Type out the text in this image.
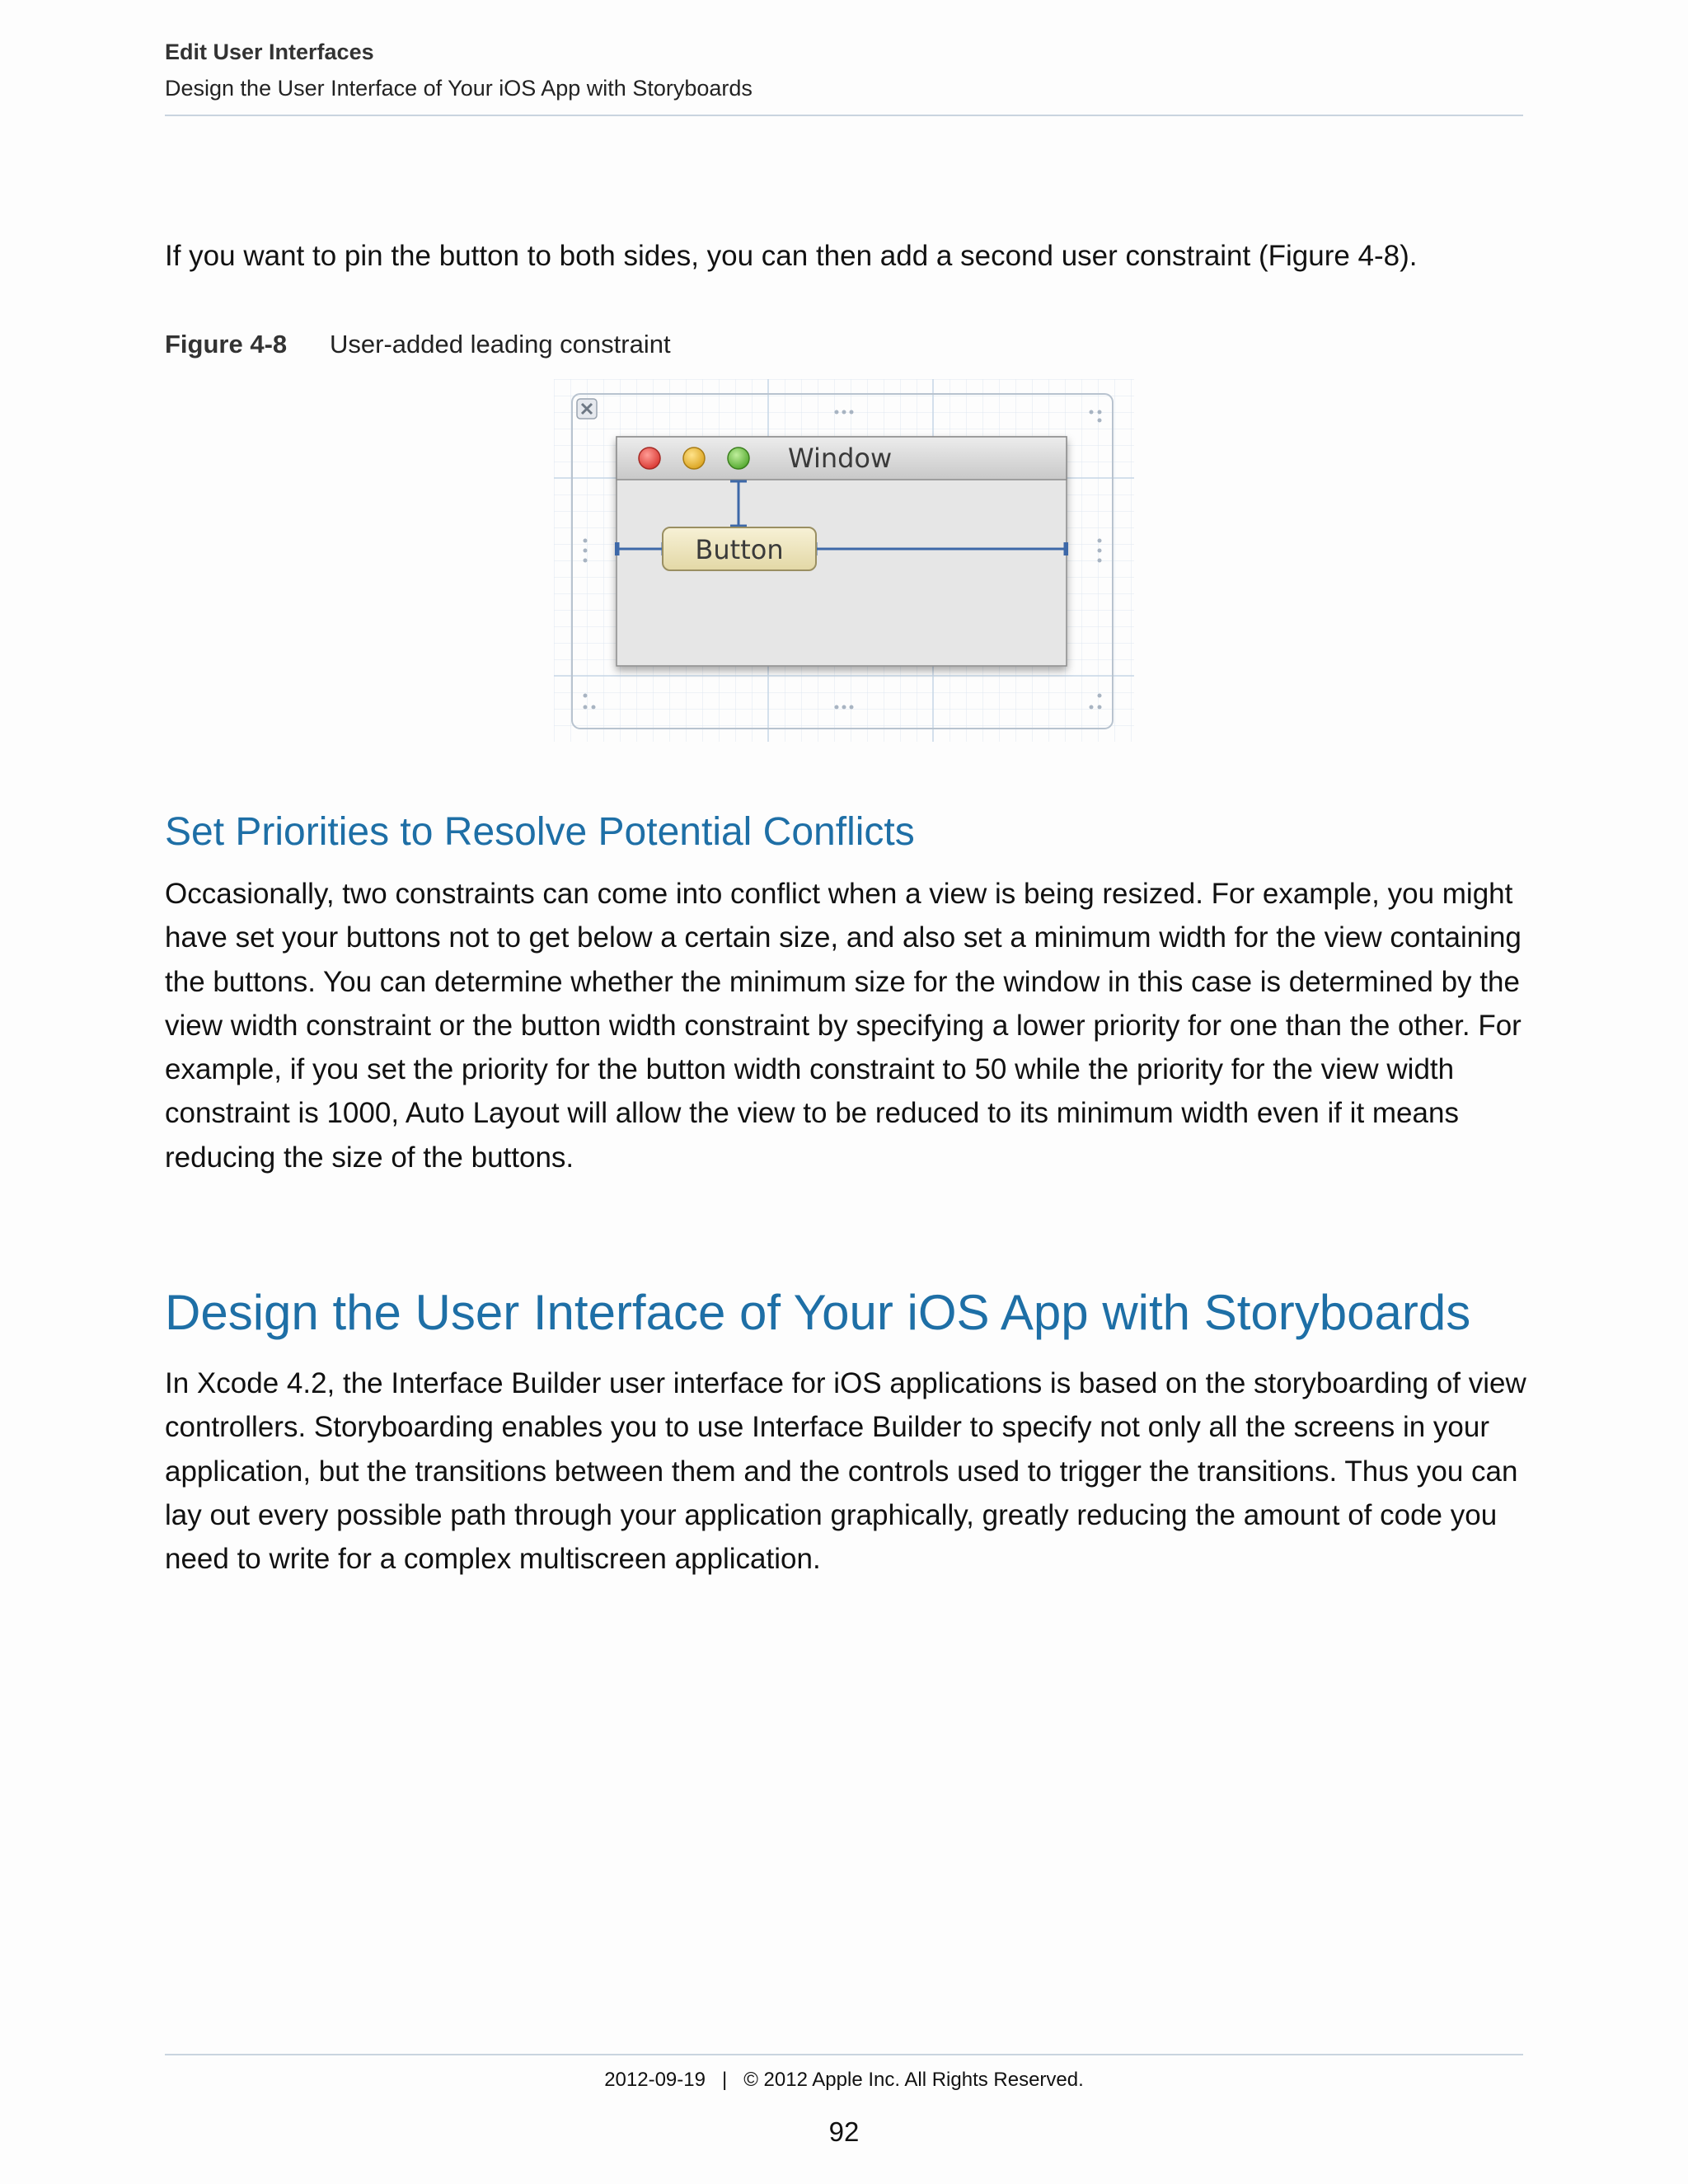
Edit User Interfaces
Design the User Interface of Your iOS App with Storyboards
If you want to pin the button to both sides, you can then add a second user constraint (Figure 4-8).
Figure 4-8 User-added leading constraint
Window
Button
Set Priorities to Resolve Potential Conflicts
Occasionally, two constraints can come into conflict when a view is being resized. For example, you might have set your buttons not to get below a certain size, and also set a minimum width for the view containing the buttons. You can determine whether the minimum size for the window in this case is determined by the view width constraint or the button width constraint by specifying a lower priority for one than the other. For example, if you set the priority for the button width constraint to 50 while the priority for the view width constraint is 1000, Auto Layout will allow the view to be reduced to its minimum width even if it means reducing the size of the buttons.
Design the User Interface of Your iOS App with Storyboards
In Xcode 4.2, the Interface Builder user interface for iOS applications is based on the storyboarding of view controllers. Storyboarding enables you to use Interface Builder to specify not only all the screens in your application, but the transitions between them and the controls used to trigger the transitions. Thus you can lay out every possible path through your application graphically, greatly reducing the amount of code you need to write for a complex multiscreen application.
2012-09-19 | © 2012 Apple Inc. All Rights Reserved.
92
